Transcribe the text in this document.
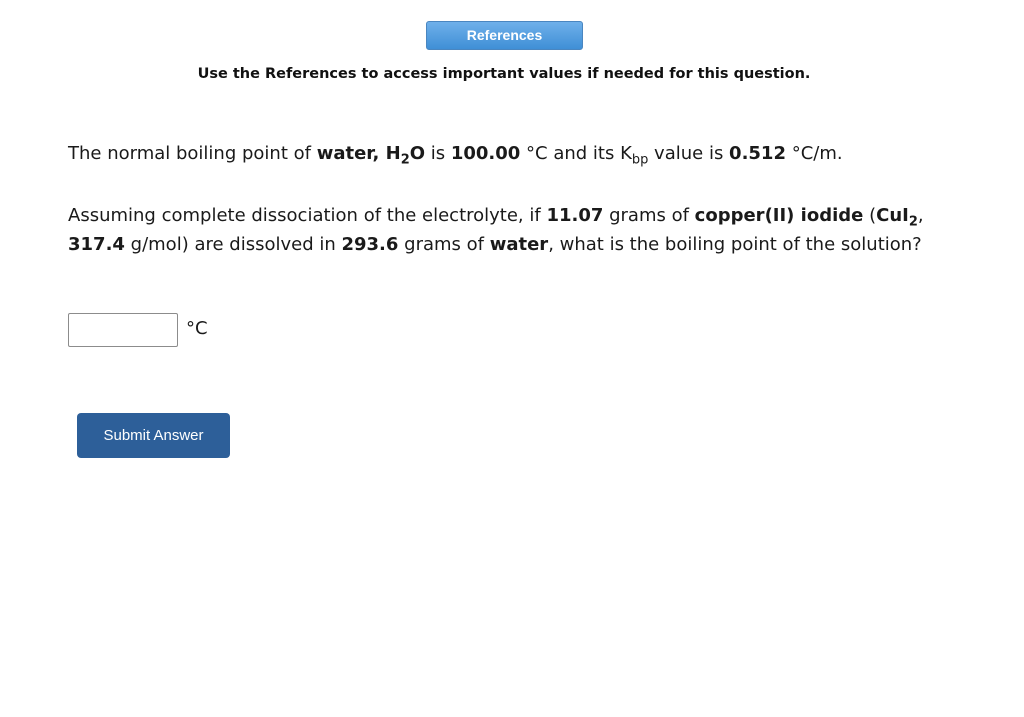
References
Use the References to access important values if needed for this question.
The normal boiling point of water, $H_2O$ is 100.00 °C and its $K_{bp}$ value is 0.512 °C/m.
Assuming complete dissociation of the electrolyte, if 11.07 grams of copper(II) iodide (CuI$_2$, 317.4 g/mol) are dissolved in 293.6 grams of water, what is the boiling point of the solution?
°C
Submit Answer
